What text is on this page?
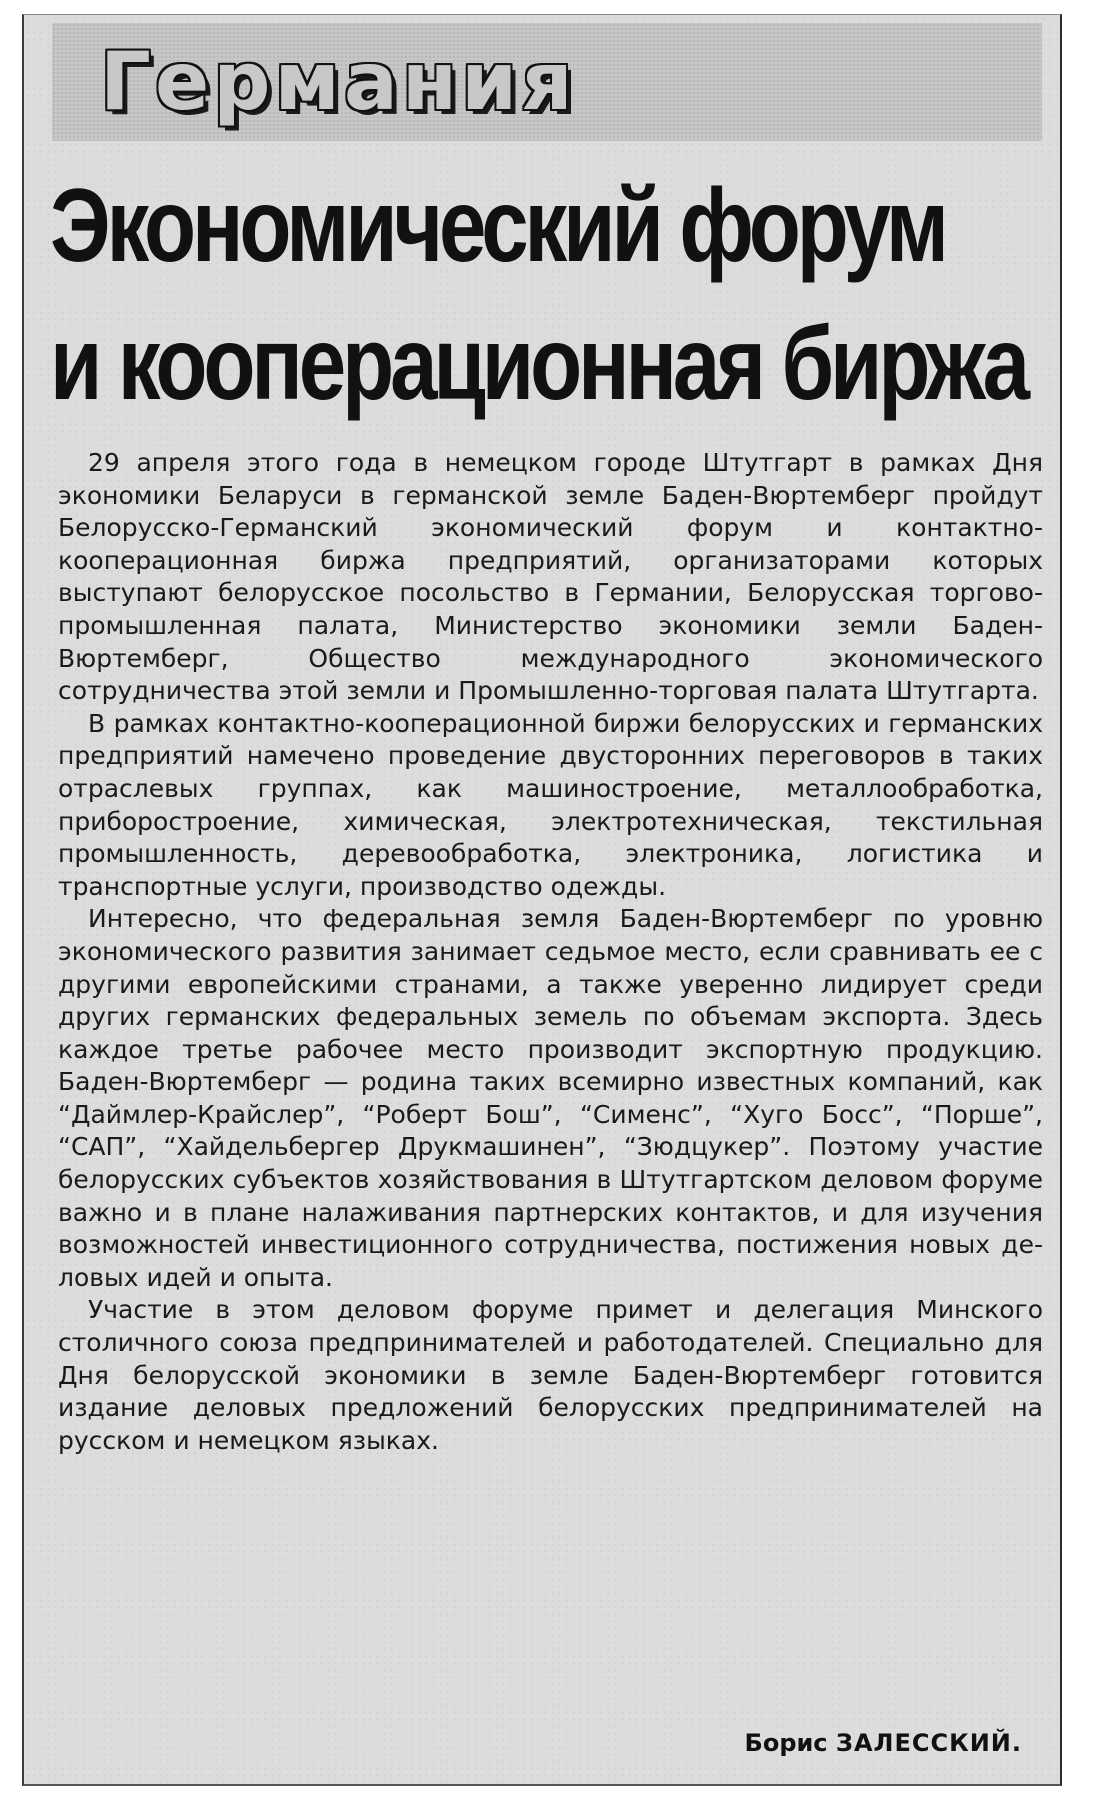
Германия
Экономический форум
и кооперационная биржа

29 апреля этого года в немецком городе Штутгарт в рамках Дня экономики Беларуси в германской земле Баден-Вюртемберг пройдут Белорусско-Германский экономический форум и контактно-кооперационная биржа предприятий, организаторами которых выступают белорусское посольство в Германии, Белорусская торгово-промышленная палата, Министерство экономики земли Баден-Вюртемберг, Общество международного экономического сотрудничества этой земли и Промышленно-торговая палата Штутгарта.

В рамках контактно-кооперационной биржи белорусских и германских предприятий намечено проведение двусторонних переговоров в таких отраслевых группах, как машиностроение, металлообработка, приборостроение, химическая, электротехническая, текстильная промышленность, деревообработка, электроника, логистика и транспортные услуги, производство одежды.

Интересно, что федеральная земля Баден-Вюртемберг по уровню экономического развития занимает седьмое место, если сравнивать ее с другими европейскими странами, а также уверенно лидирует среди других германских федеральных земель по объемам экспорта. Здесь каждое третье рабочее место производит экспортную продукцию. Баден-Вюртемберг — родина таких всемирно известных компаний, как “Даймлер-Крайслер”, “Роберт Бош”, “Сименс”, “Хуго Босс”, “Порше”, “САП”, “Хайдельбергер Друкмашинен”, “Зюдцукер”. Поэтому участие белорусских субъектов хозяйствования в Штутгартском деловом форуме важно и в плане налаживания партнерских контактов, и для изучения возможностей инвестиционного сотрудничества, постижения новых деловых идей и опыта.

Участие в этом деловом форуме примет и делегация Минского столичного союза предпринимателей и работодателей. Специально для Дня белорусской экономики в земле Баден-Вюртемберг готовится издание деловых предложений белорусских предпринимателей на русском и немецком языках.

Борис ЗАЛЕССКИЙ.
